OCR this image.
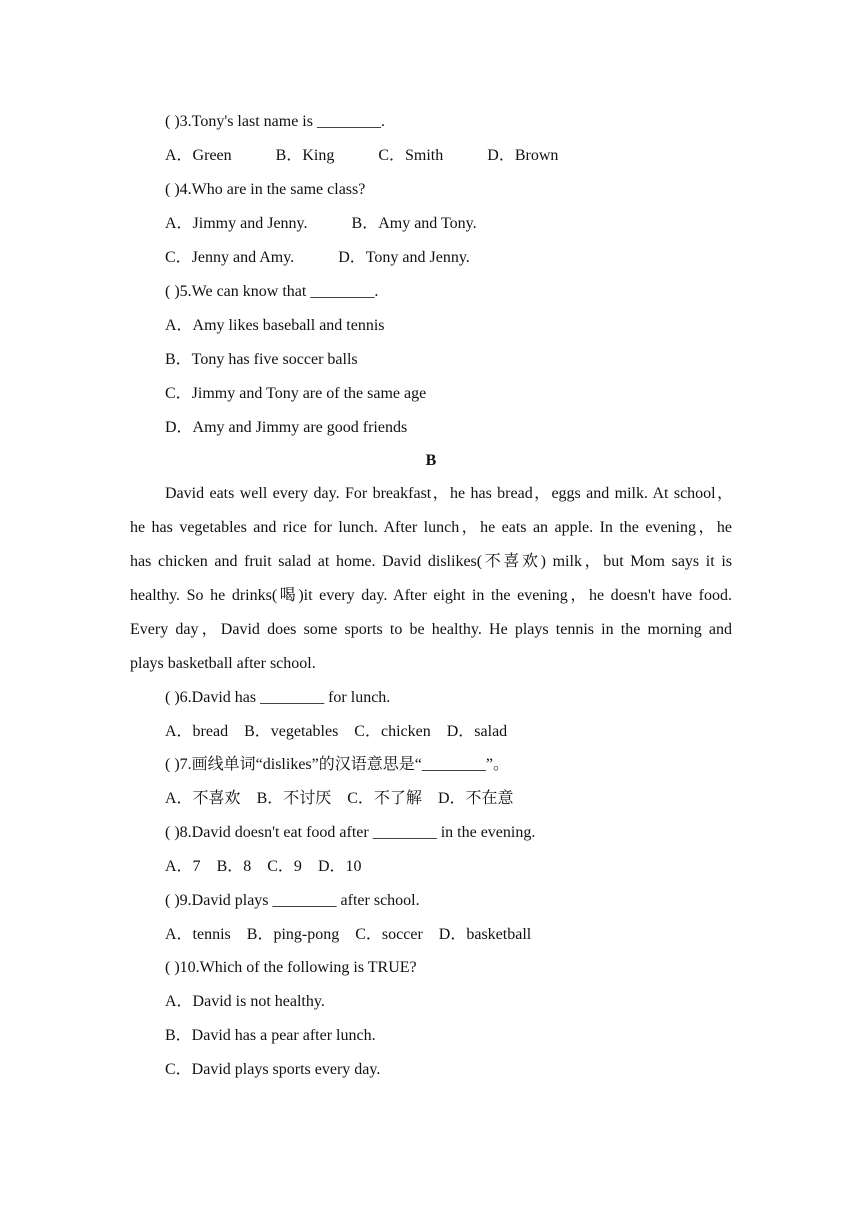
( )3.Tony's last name is ________.
A．Green	B．King	C．Smith	D．Brown
( )4.Who are in the same class?
A．Jimmy and Jenny.	B．Amy and Tony.
C．Jenny and Amy.	D．Tony and Jenny.
( )5.We can know that ________.
A．Amy likes baseball and tennis
B．Tony has five soccer balls
C．Jimmy and Tony are of the same age
D．Amy and Jimmy are good friends
B
David eats well every day. For breakfast，he has bread，eggs and milk. At school，
he has vegetables and rice for lunch. After lunch，he eats an apple. In the evening，he
has chicken and fruit salad at home. David dislikes(不喜欢) milk，but Mom says it is
healthy. So he drinks(喝)it every day. After eight in the evening，he doesn't have food.
Every day，David does some sports to be healthy. He plays tennis in the morning and
plays basketball after school.
( )6.David has ________ for lunch.
A．bread B．vegetables C．chicken D．salad
( )7.画线单词“dislikes”的汉语意思是“________”。
A．不喜欢 B．不讨厌 C．不了解 D．不在意
( )8.David doesn't eat food after ________ in the evening.
A．7 B．8 C．9 D．10
( )9.David plays ________ after school.
A．tennis B．ping-pong C．soccer D．basketball
( )10.Which of the following is TRUE?
A．David is not healthy.
B．David has a pear after lunch.
C．David plays sports every day.
